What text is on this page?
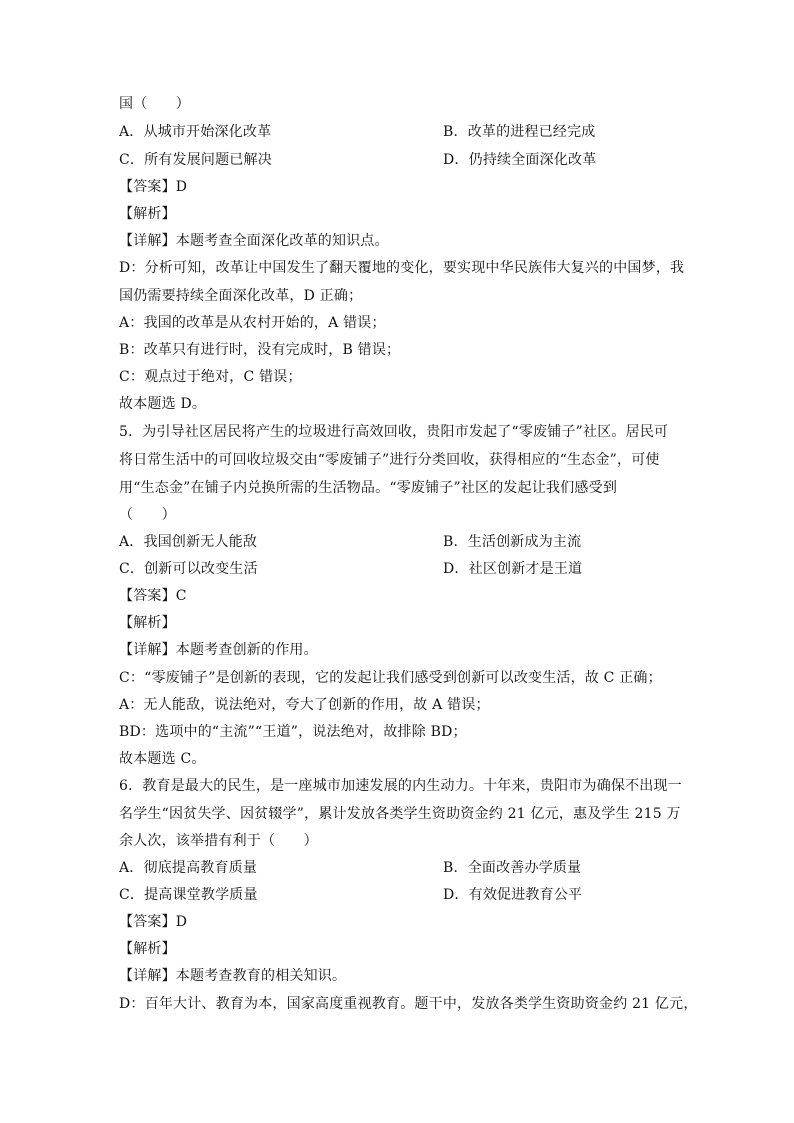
国（　　）
A．从城市开始深化改革	B．改革的进程已经完成
C．所有发展问题已解决	D．仍持续全面深化改革
【答案】D
【解析】
【详解】本题考查全面深化改革的知识点。
D：分析可知，改革让中国发生了翻天覆地的变化，要实现中华民族伟大复兴的中国梦，我
国仍需要持续全面深化改革，D 正确；
A：我国的改革是从农村开始的，A 错误；
B：改革只有进行时，没有完成时，B 错误；
C：观点过于绝对，C 错误；
故本题选 D。
5．为引导社区居民将产生的垃圾进行高效回收，贵阳市发起了“零废铺子”社区。居民可
将日常生活中的可回收垃圾交由“零废铺子”进行分类回收，获得相应的“生态金”，可使
用“生态金”在铺子内兑换所需的生活物品。“零废铺子”社区的发起让我们感受到
（　　）
A．我国创新无人能敌	B．生活创新成为主流
C．创新可以改变生活	D．社区创新才是王道
【答案】C
【解析】
【详解】本题考查创新的作用。
C：“零废铺子”是创新的表现，它的发起让我们感受到创新可以改变生活，故 C 正确；
A：无人能敌，说法绝对，夸大了创新的作用，故 A 错误；
BD：选项中的“主流”“王道”，说法绝对，故排除 BD；
故本题选 C。
6．教育是最大的民生，是一座城市加速发展的内生动力。十年来，贵阳市为确保不出现一
名学生“因贫失学、因贫辍学”，累计发放各类学生资助资金约 21 亿元，惠及学生 215 万
余人次，该举措有利于（　　）
A．彻底提高教育质量	B．全面改善办学质量
C．提高课堂教学质量	D．有效促进教育公平
【答案】D
【解析】
【详解】本题考查教育的相关知识。
D：百年大计、教育为本，国家高度重视教育。题干中，发放各类学生资助资金约 21 亿元，
